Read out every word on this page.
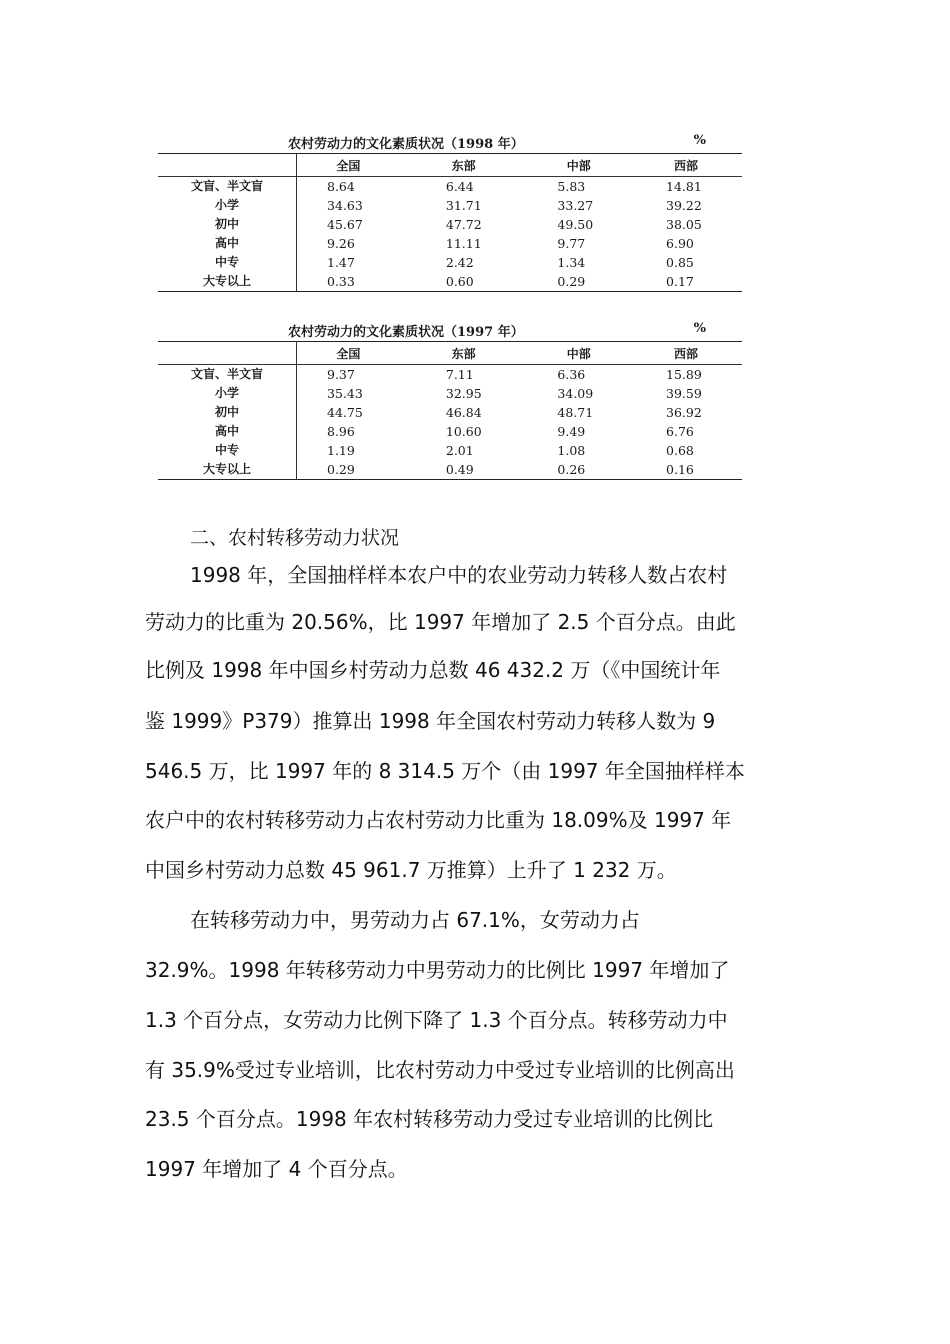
农村劳动力的文化素质状况（1998 年）	%
	全国	东部	中部	西部
文盲、半文盲	8.64	6.44	5.83	14.81
小学	34.63	31.71	33.27	39.22
初中	45.67	47.72	49.50	38.05
高中	9.26	11.11	9.77	6.90
中专	1.47	2.42	1.34	0.85
大专以上	0.33	0.60	0.29	0.17
农村劳动力的文化素质状况（1997 年）	%
	全国	东部	中部	西部
文盲、半文盲	9.37	7.11	6.36	15.89
小学	35.43	32.95	34.09	39.59
初中	44.75	46.84	48.71	36.92
高中	8.96	10.60	9.49	6.76
中专	1.19	2.01	1.08	0.68
大专以上	0.29	0.49	0.26	0.16
二、农村转移劳动力状况
1998 年，全国抽样样本农户中的农业劳动力转移人数占农村
劳动力的比重为 20.56%，比 1997 年增加了 2.5 个百分点。由此
比例及 1998 年中国乡村劳动力总数 46 432.2 万（《中国统计年
鉴 1999》P379）推算出 1998 年全国农村劳动力转移人数为 9
546.5 万，比 1997 年的 8 314.5 万个（由 1997 年全国抽样样本
农户中的农村转移劳动力占农村劳动力比重为 18.09%及 1997 年
中国乡村劳动力总数 45 961.7 万推算）上升了 1 232 万。
在转移劳动力中，男劳动力占 67.1%，女劳动力占
32.9%。1998 年转移劳动力中男劳动力的比例比 1997 年增加了
1.3 个百分点，女劳动力比例下降了 1.3 个百分点。转移劳动力中
有 35.9%受过专业培训，比农村劳动力中受过专业培训的比例高出
23.5 个百分点。1998 年农村转移劳动力受过专业培训的比例比
1997 年增加了 4 个百分点。
